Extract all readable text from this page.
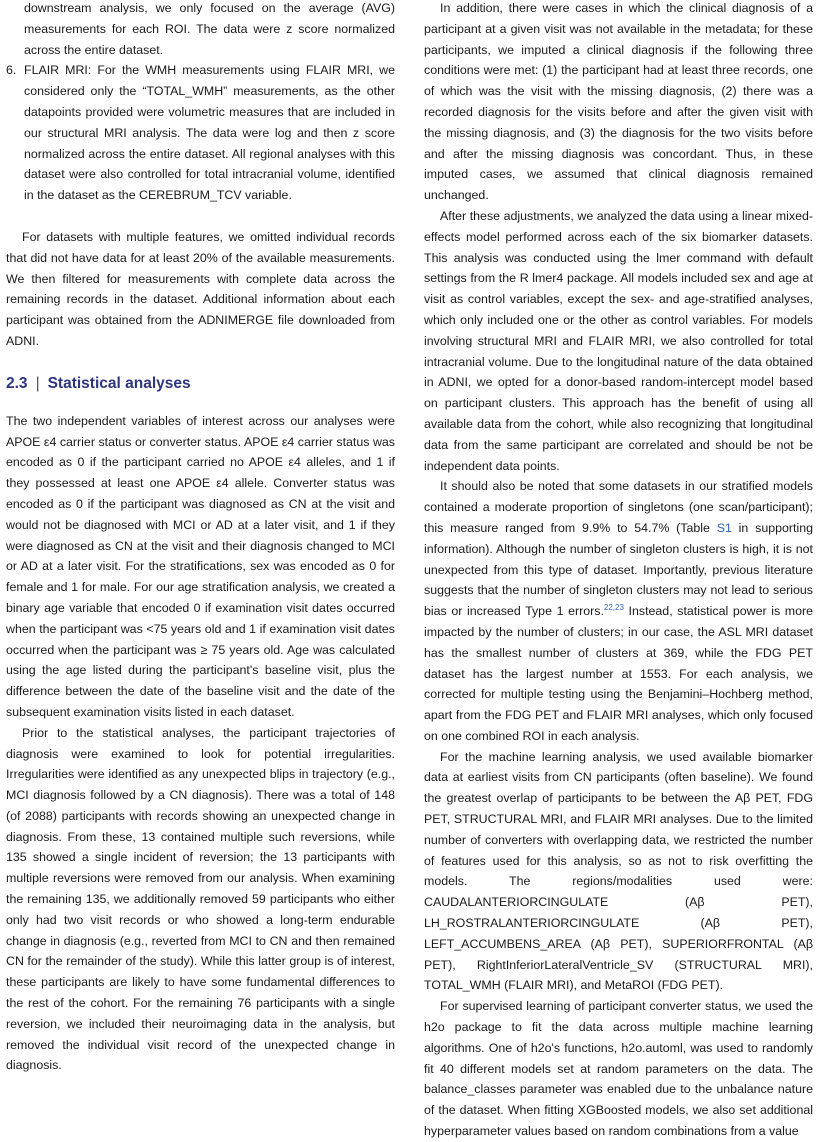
downstream analysis, we only focused on the average (AVG) measurements for each ROI. The data were z score normalized across the entire dataset.

6. FLAIR MRI: For the WMH measurements using FLAIR MRI, we considered only the “TOTAL_WMH” measurements, as the other datapoints provided were volumetric measures that are included in our structural MRI analysis. The data were log and then z score normalized across the entire dataset. All regional analyses with this dataset were also controlled for total intracranial volume, identified in the dataset as the CEREBRUM_TCV variable.

For datasets with multiple features, we omitted individual records that did not have data for at least 20% of the available measurements. We then filtered for measurements with complete data across the remaining records in the dataset. Additional information about each participant was obtained from the ADNIMERGE file downloaded from ADNI.

2.3 | Statistical analyses

The two independent variables of interest across our analyses were APOE ε4 carrier status or converter status. APOE ε4 carrier status was encoded as 0 if the participant carried no APOE ε4 alleles, and 1 if they possessed at least one APOE ε4 allele. Converter status was encoded as 0 if the participant was diagnosed as CN at the visit and would not be diagnosed with MCI or AD at a later visit, and 1 if they were diagnosed as CN at the visit and their diagnosis changed to MCI or AD at a later visit. For the stratifications, sex was encoded as 0 for female and 1 for male. For our age stratification analysis, we created a binary age variable that encoded 0 if examination visit dates occurred when the participant was <75 years old and 1 if examination visit dates occurred when the participant was ≥ 75 years old. Age was calculated using the age listed during the participant's baseline visit, plus the difference between the date of the baseline visit and the date of the subsequent examination visits listed in each dataset.

Prior to the statistical analyses, the participant trajectories of diagnosis were examined to look for potential irregularities. Irregularities were identified as any unexpected blips in trajectory (e.g., MCI diagnosis followed by a CN diagnosis). There was a total of 148 (of 2088) participants with records showing an unexpected change in diagnosis. From these, 13 contained multiple such reversions, while 135 showed a single incident of reversion; the 13 participants with multiple reversions were removed from our analysis. When examining the remaining 135, we additionally removed 59 participants who either only had two visit records or who showed a long-term endurable change in diagnosis (e.g., reverted from MCI to CN and then remained CN for the remainder of the study). While this latter group is of interest, these participants are likely to have some fundamental differences to the rest of the cohort. For the remaining 76 participants with a single reversion, we included their neuroimaging data in the analysis, but removed the individual visit record of the unexpected change in diagnosis.

In addition, there were cases in which the clinical diagnosis of a participant at a given visit was not available in the metadata; for these participants, we imputed a clinical diagnosis if the following three conditions were met: (1) the participant had at least three records, one of which was the visit with the missing diagnosis, (2) there was a recorded diagnosis for the visits before and after the given visit with the missing diagnosis, and (3) the diagnosis for the two visits before and after the missing diagnosis was concordant. Thus, in these imputed cases, we assumed that clinical diagnosis remained unchanged.

After these adjustments, we analyzed the data using a linear mixed-effects model performed across each of the six biomarker datasets. This analysis was conducted using the lmer command with default settings from the R lmer4 package. All models included sex and age at visit as control variables, except the sex- and age-stratified analyses, which only included one or the other as control variables. For models involving structural MRI and FLAIR MRI, we also controlled for total intracranial volume. Due to the longitudinal nature of the data obtained in ADNI, we opted for a donor-based random-intercept model based on participant clusters. This approach has the benefit of using all available data from the cohort, while also recognizing that longitudinal data from the same participant are correlated and should be not be independent data points.

It should also be noted that some datasets in our stratified models contained a moderate proportion of singletons (one scan/participant); this measure ranged from 9.9% to 54.7% (Table S1 in supporting information). Although the number of singleton clusters is high, it is not unexpected from this type of dataset. Importantly, previous literature suggests that the number of singleton clusters may not lead to serious bias or increased Type 1 errors.$^{22,23}$ Instead, statistical power is more impacted by the number of clusters; in our case, the ASL MRI dataset has the smallest number of clusters at 369, while the FDG PET dataset has the largest number at 1553. For each analysis, we corrected for multiple testing using the Benjamini–Hochberg method, apart from the FDG PET and FLAIR MRI analyses, which only focused on one combined ROI in each analysis.

For the machine learning analysis, we used available biomarker data at earliest visits from CN participants (often baseline). We found the greatest overlap of participants to be between the Aβ PET, FDG PET, STRUCTURAL MRI, and FLAIR MRI analyses. Due to the limited number of converters with overlapping data, we restricted the number of features used for this analysis, so as not to risk overfitting the models. The regions/modalities used were: CAUDALANTERIORCINGULATE (Aβ PET), LH_ROSTRALANTERIORCINGULATE (Aβ PET), LEFT_ACCUMBENS_AREA (Aβ PET), SUPERIORFRONTAL (Aβ PET), RightInferiorLateralVentricle_SV (STRUCTURAL MRI), TOTAL_WMH (FLAIR MRI), and MetaROI (FDG PET).

For supervised learning of participant converter status, we used the h2o package to fit the data across multiple machine learning algorithms. One of h2o's functions, h2o.automl, was used to randomly fit 40 different models set at random parameters on the data. The balance_classes parameter was enabled due to the unbalance nature of the dataset. When fitting XGBoosted models, we also set additional hyperparameter values based on random combinations from a value
